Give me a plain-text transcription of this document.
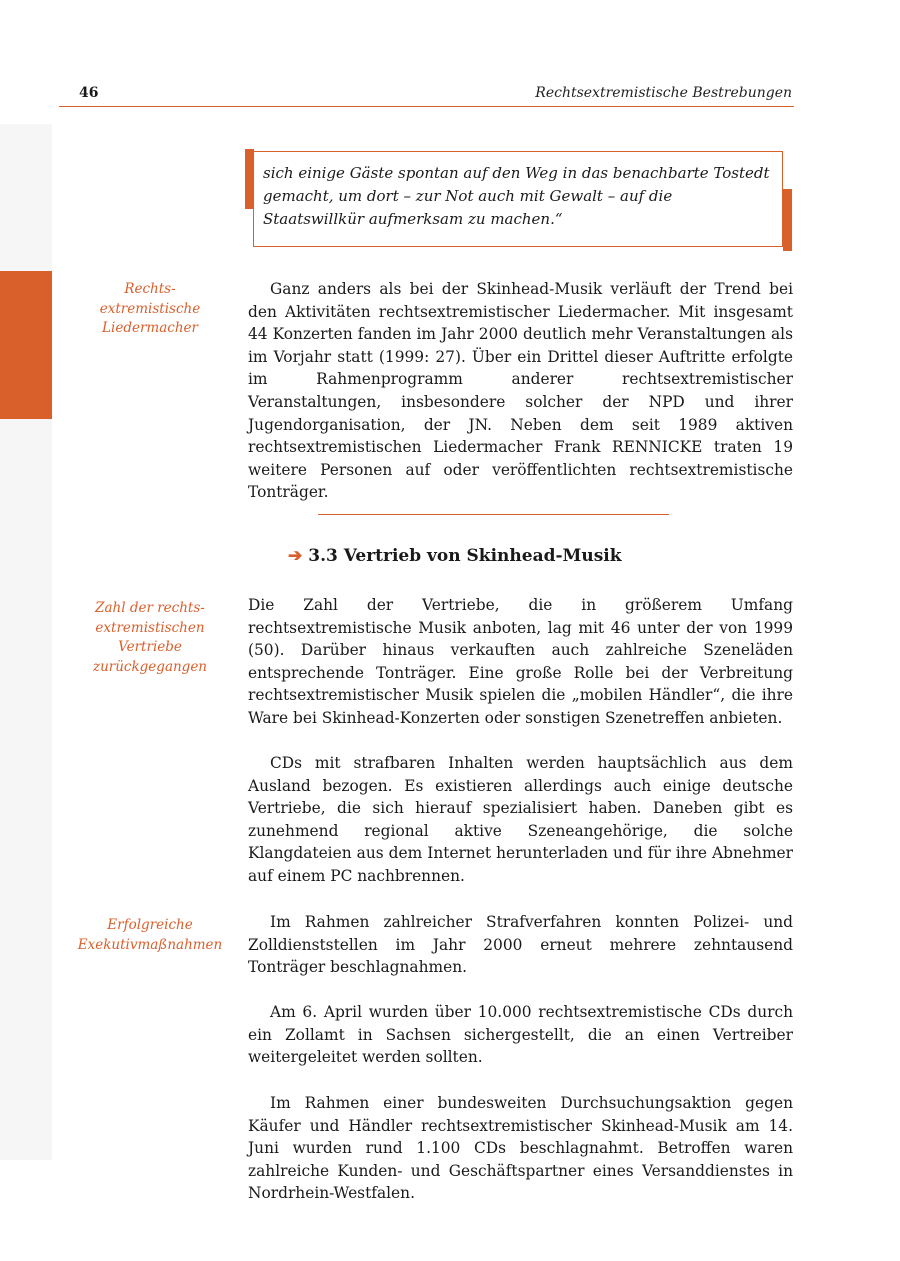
46	Rechtsextremistische Bestrebungen
sich einige Gäste spontan auf den Weg in das benachbarte Tostedt gemacht, um dort – zur Not auch mit Gewalt – auf die Staatswillkür aufmerksam zu machen.“
Rechts-
extremistische
Liedermacher

Ganz anders als bei der Skinhead-Musik verläuft der Trend bei den Aktivitäten rechtsextremistischer Liedermacher. Mit insgesamt 44 Konzerten fanden im Jahr 2000 deutlich mehr Veranstaltungen als im Vorjahr statt (1999: 27). Über ein Drittel dieser Auftritte erfolgte im Rahmenprogramm anderer rechtsextremistischer Veranstaltungen, insbesondere solcher der NPD und ihrer Jugendorganisation, der JN. Neben dem seit 1989 aktiven rechtsextremistischen Liedermacher Frank RENNICKE traten 19 weitere Personen auf oder veröffentlichten rechtsextremistische Tonträger.

➔ 3.3 Vertrieb von Skinhead-Musik
Zahl der rechts-
extremistischen
Vertriebe
zurückgegangen

Die Zahl der Vertriebe, die in größerem Umfang rechtsextremistische Musik anboten, lag mit 46 unter der von 1999 (50). Darüber hinaus verkauften auch zahlreiche Szeneläden entsprechende Tonträger. Eine große Rolle bei der Verbreitung rechtsextremistischer Musik spielen die „mobilen Händler“, die ihre Ware bei Skinhead-Konzerten oder sonstigen Szenetreffen anbieten.

CDs mit strafbaren Inhalten werden hauptsächlich aus dem Ausland bezogen. Es existieren allerdings auch einige deutsche Vertriebe, die sich hierauf spezialisiert haben. Daneben gibt es zunehmend regional aktive Szeneangehörige, die solche Klangdateien aus dem Internet herunterladen und für ihre Abnehmer auf einem PC nachbrennen.

Erfolgreiche
Exekutivmaßnahmen

Im Rahmen zahlreicher Strafverfahren konnten Polizei- und Zolldienststellen im Jahr 2000 erneut mehrere zehntausend Tonträger beschlagnahmen.

Am 6. April wurden über 10.000 rechtsextremistische CDs durch ein Zollamt in Sachsen sichergestellt, die an einen Vertreiber weitergeleitet werden sollten.

Im Rahmen einer bundesweiten Durchsuchungsaktion gegen Käufer und Händler rechtsextremistischer Skinhead-Musik am 14. Juni wurden rund 1.100 CDs beschlagnahmt. Betroffen waren zahlreiche Kunden- und Geschäftspartner eines Versanddienstes in Nordrhein-Westfalen.
